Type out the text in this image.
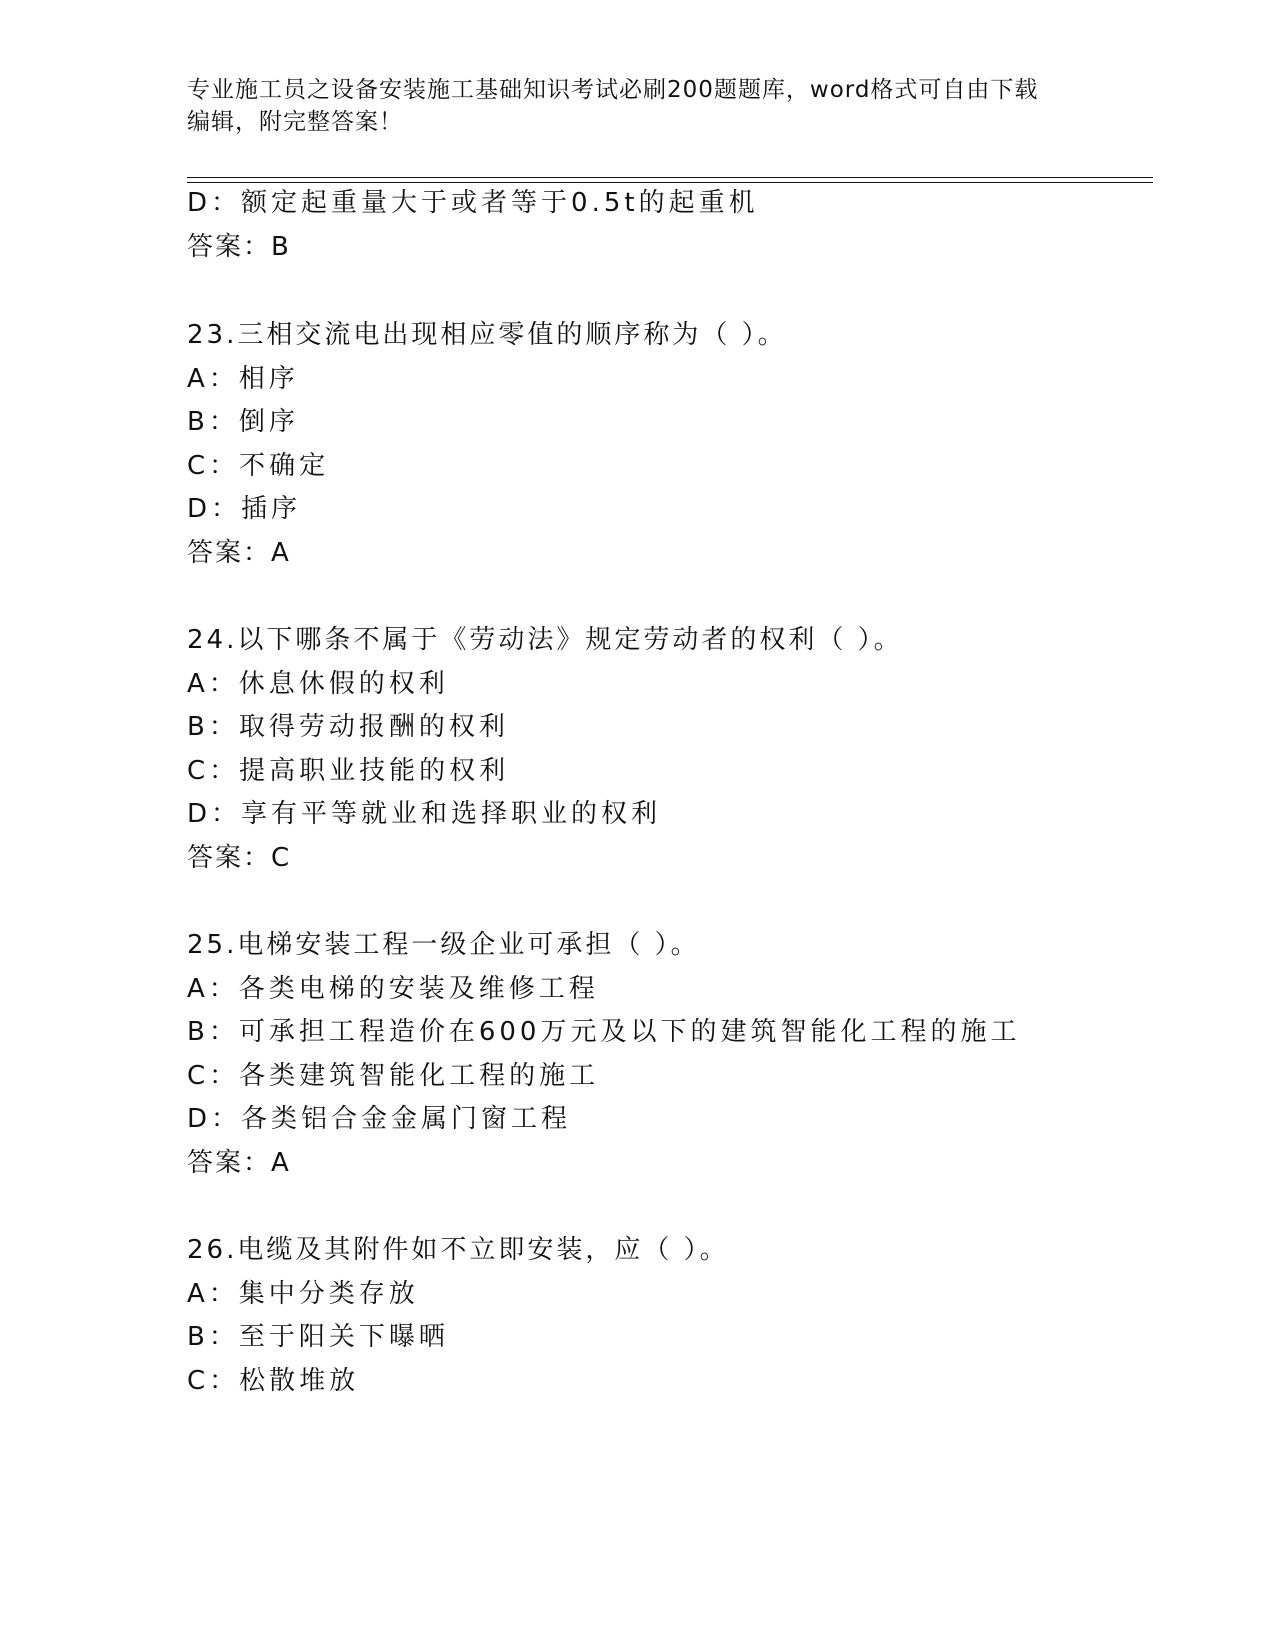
专业施工员之设备安装施工基础知识考试必刷200题题库，word格式可自由下载
编辑，附完整答案！
D：额定起重量大于或者等于0.5t的起重机
答案：B
23.三相交流电出现相应零值的顺序称为（ ）。
A：相序
B：倒序
C：不确定
D：插序
答案：A
24.以下哪条不属于《劳动法》规定劳动者的权利（ ）。
A：休息休假的权利
B：取得劳动报酬的权利
C：提高职业技能的权利
D：享有平等就业和选择职业的权利
答案：C
25.电梯安装工程一级企业可承担（ ）。
A：各类电梯的安装及维修工程
B：可承担工程造价在600万元及以下的建筑智能化工程的施工
C：各类建筑智能化工程的施工
D：各类铝合金金属门窗工程
答案：A
26.电缆及其附件如不立即安装，应（ ）。
A：集中分类存放
B：至于阳关下曝晒
C：松散堆放
